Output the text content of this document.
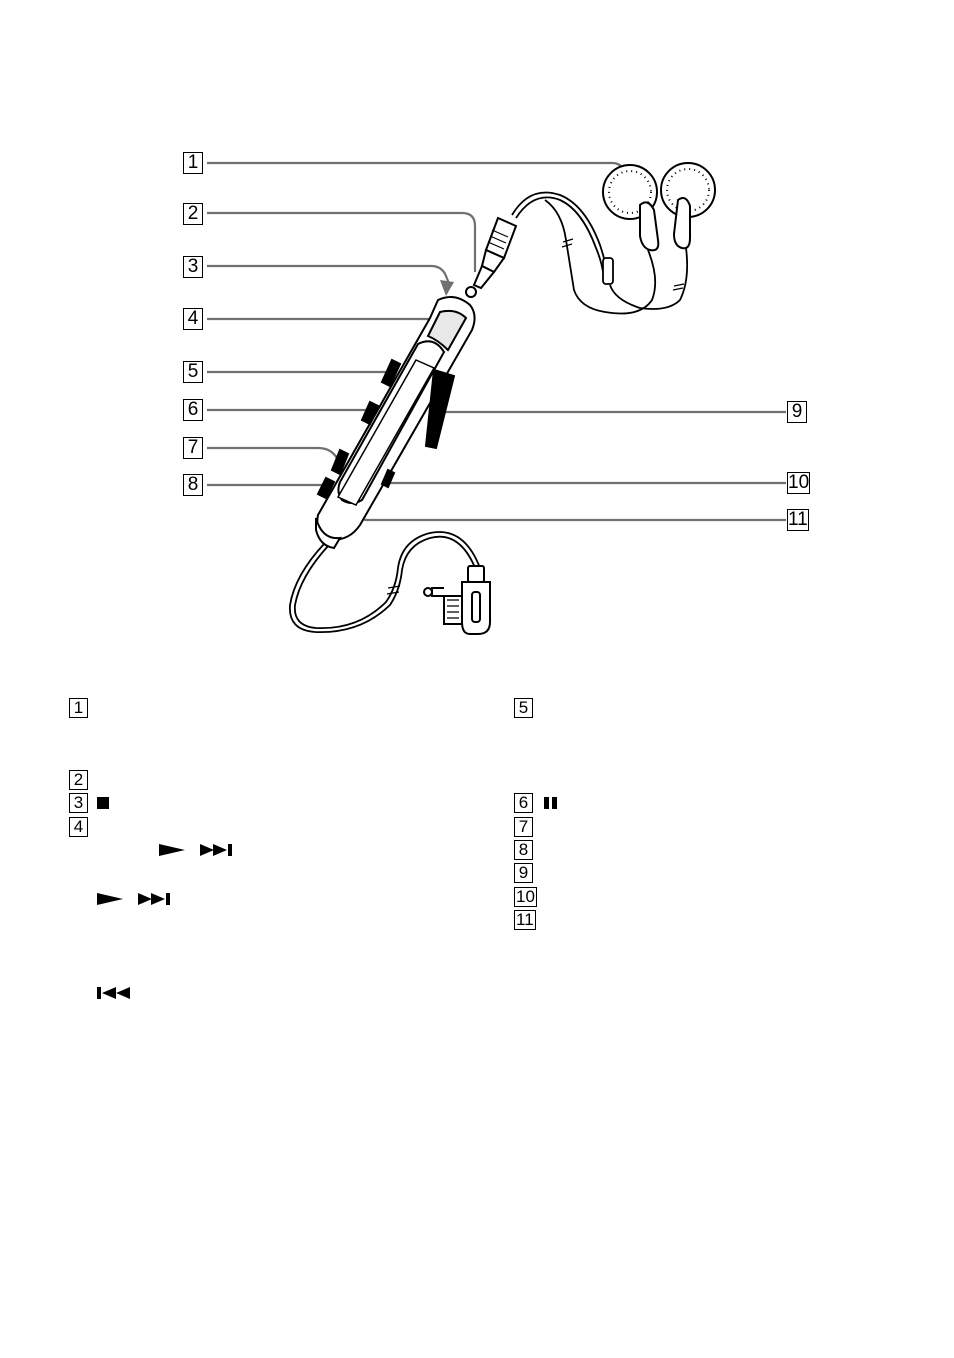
1
2
3
4
5
6
7
8
9
10
11
1
2
3
4
5
6
7
8
9
10
11
